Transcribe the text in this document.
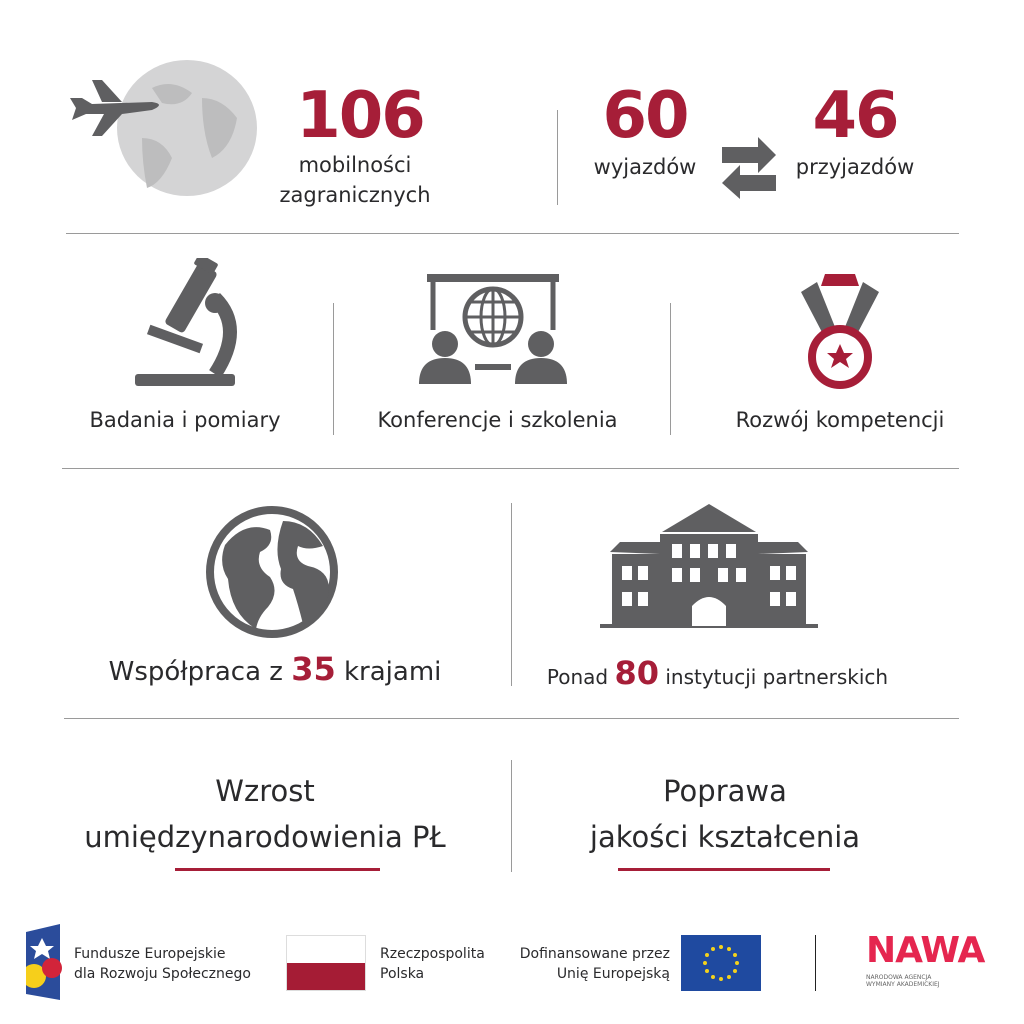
106
mobilności
zagranicznych
60
wyjazdów
46
przyjazdów
Badania i pomiary	Konferencje i szkolenia	Rozwój kompetencji
Współpraca z 35 krajami	Ponad 80 instytucji partnerskich
Wzrost
umiędzynarodowienia PŁ
Poprawa
jakości kształcenia
Fundusze Europejskie
dla Rozwoju Społecznego
Rzeczpospolita
Polska
Dofinansowane przez
Unię Europejską
NAWA
NARODOWA AGENCJA
WYMIANY AKADEMICKIEJ
